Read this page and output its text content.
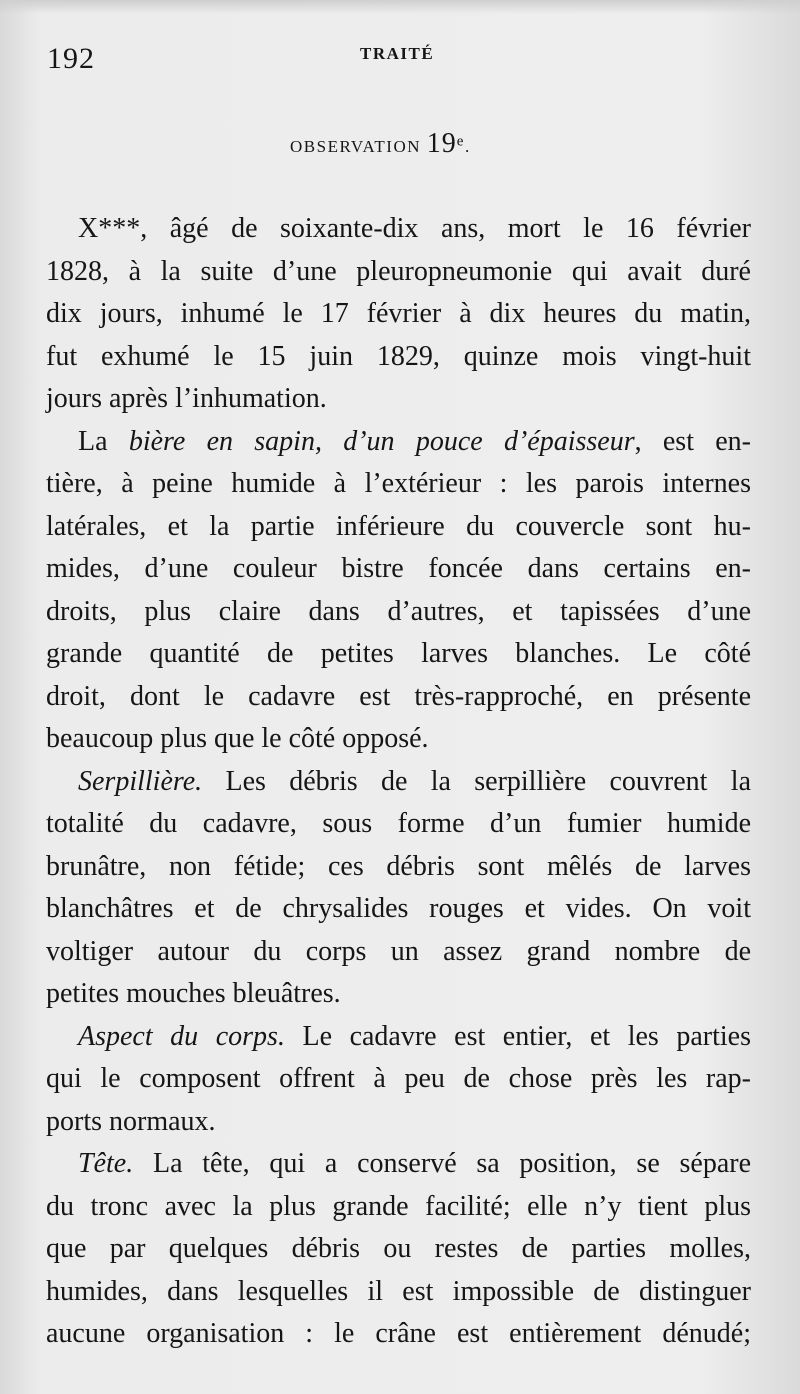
192	TRAITÉ
OBSERVATION 19e.
X***, âgé de soixante-dix ans, mort le 16 février
1828, à la suite d’une pleuropneumonie qui avait duré
dix jours, inhumé le 17 février à dix heures du matin,
fut exhumé le 15 juin 1829, quinze mois vingt-huit
jours après l’inhumation.
La bière en sapin, d’un pouce d’épaisseur, est en-
tière, à peine humide à l’extérieur : les parois internes
latérales, et la partie inférieure du couvercle sont hu-
mides, d’une couleur bistre foncée dans certains en-
droits, plus claire dans d’autres, et tapissées d’une
grande quantité de petites larves blanches. Le côté
droit, dont le cadavre est très-rapproché, en présente
beaucoup plus que le côté opposé.
Serpillière. Les débris de la serpillière couvrent la
totalité du cadavre, sous forme d’un fumier humide
brunâtre, non fétide; ces débris sont mêlés de larves
blanchâtres et de chrysalides rouges et vides. On voit
voltiger autour du corps un assez grand nombre de
petites mouches bleuâtres.
Aspect du corps. Le cadavre est entier, et les parties
qui le composent offrent à peu de chose près les rap-
ports normaux.
Tête. La tête, qui a conservé sa position, se sépare
du tronc avec la plus grande facilité; elle n’y tient plus
que par quelques débris ou restes de parties molles,
humides, dans lesquelles il est impossible de distinguer
aucune organisation : le crâne est entièrement dénudé;
